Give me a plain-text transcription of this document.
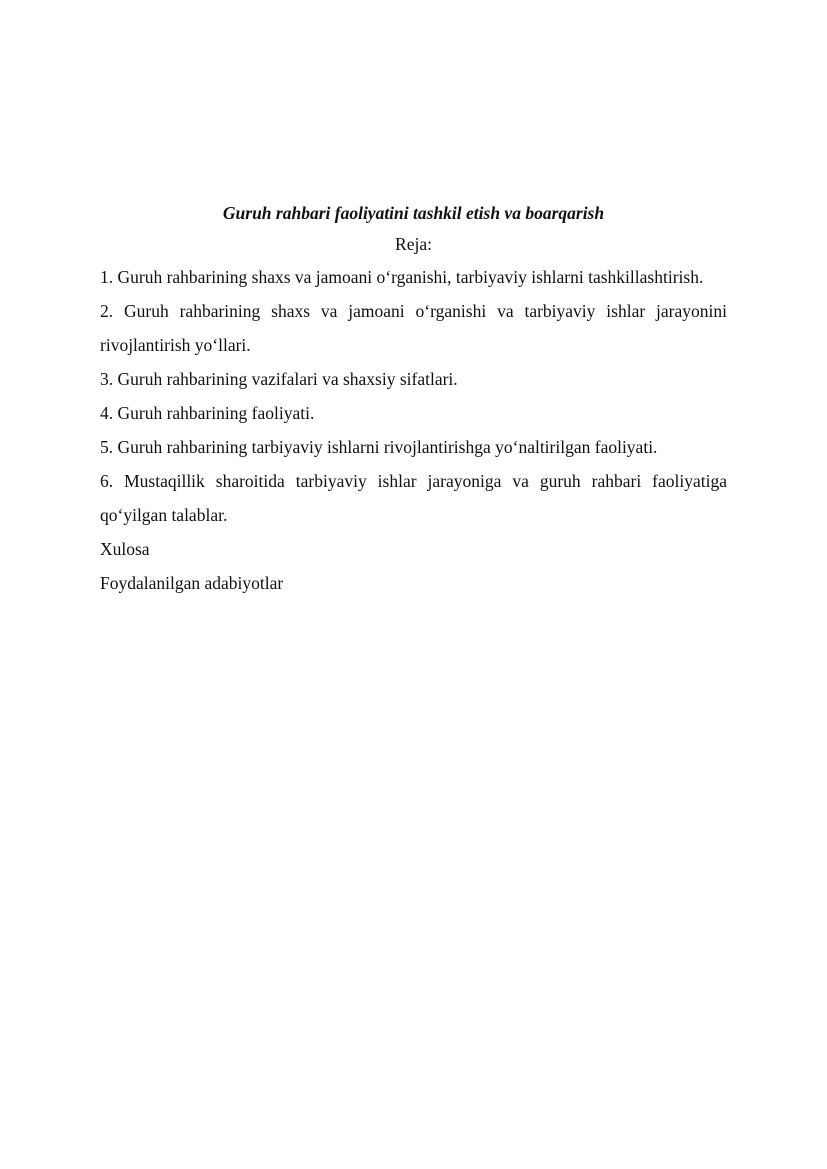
Guruh rahbari faoliyatini tashkil etish va boarqarish

Reja:

1. Guruh rahbarining shaxs va jamoani o‘rganishi, tarbiyaviy ishlarni tashkillashtirish.
2. Guruh rahbarining shaxs va jamoani o‘rganishi va tarbiyaviy ishlar jarayonini rivojlantirish yo‘llari.
3. Guruh rahbarining vazifalari va shaxsiy sifatlari.
4. Guruh rahbarining faoliyati.
5. Guruh rahbarining tarbiyaviy ishlarni rivojlantirishga yo‘naltirilgan faoliyati.
6. Mustaqillik sharoitida tarbiyaviy ishlar jarayoniga va guruh rahbari faoliyatiga qo‘yilgan talablar.

Xulosa

Foydalanilgan adabiyotlar
